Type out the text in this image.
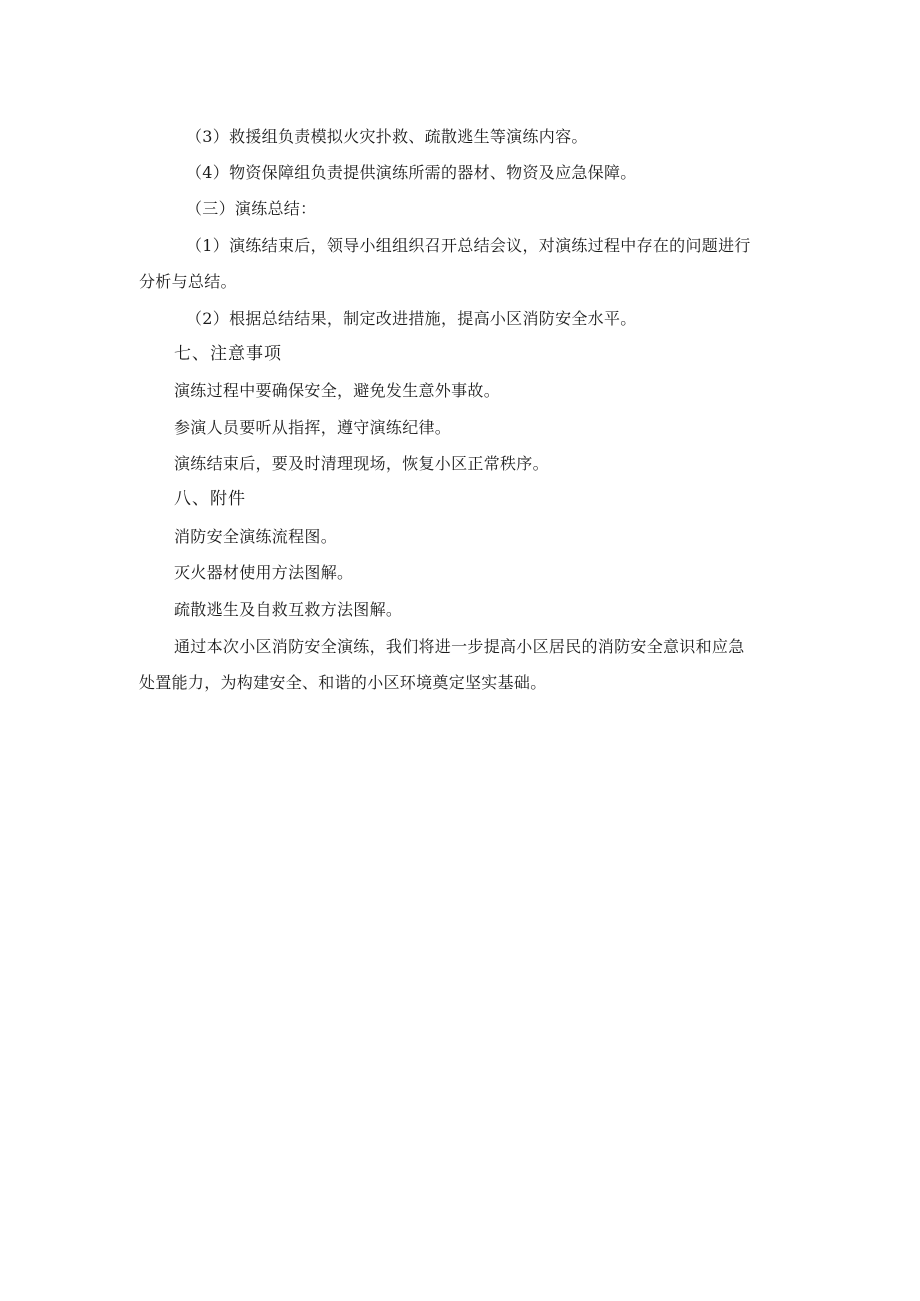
（3）救援组负责模拟火灾扑救、疏散逃生等演练内容。
（4）物资保障组负责提供演练所需的器材、物资及应急保障。
（三）演练总结：
（1）演练结束后，领导小组组织召开总结会议，对演练过程中存在的问题进行
分析与总结。
（2）根据总结结果，制定改进措施，提高小区消防安全水平。
七、注意事项
演练过程中要确保安全，避免发生意外事故。
参演人员要听从指挥，遵守演练纪律。
演练结束后，要及时清理现场，恢复小区正常秩序。
八、附件
消防安全演练流程图。
灭火器材使用方法图解。
疏散逃生及自救互救方法图解。
通过本次小区消防安全演练，我们将进一步提高小区居民的消防安全意识和应急
处置能力，为构建安全、和谐的小区环境奠定坚实基础。
